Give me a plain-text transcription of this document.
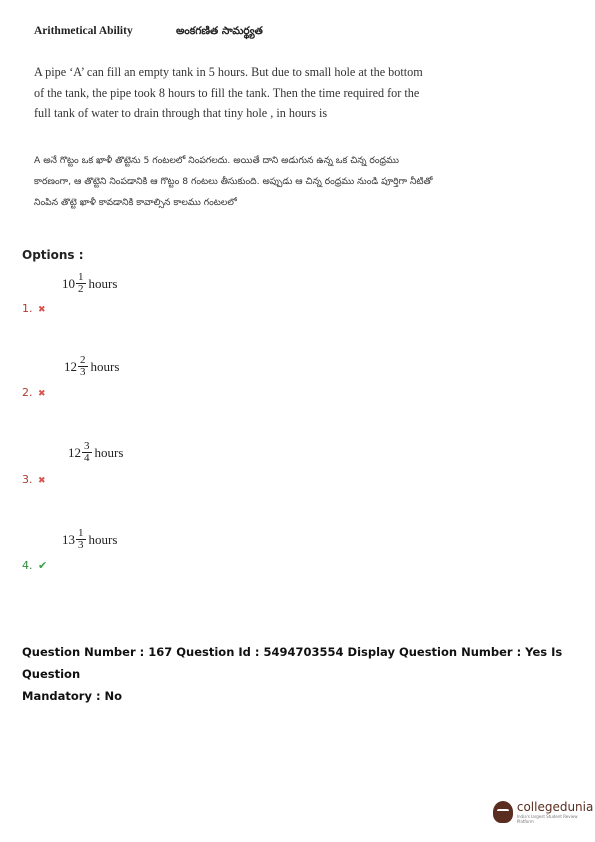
Arithmetical Ability	అంకగణిత సామర్థ్యత
A pipe ‘A’ can fill an empty tank in 5 hours. But due to small hole at the bottom of the tank, the pipe took 8 hours to fill the tank. Then the time required for the full tank of water to drain through that tiny hole , in hours is
A అనే గొట్టం ఒక ఖాళీ తొట్టెను 5 గంటలలో నింపగలదు. అయితే దాని అడుగున ఉన్న ఒక చిన్న రంధ్రము కారణంగా, ఆ తొట్టెని నింపడానికి ఆ గొట్టం 8 గంటలు తీసుకుంది. అప్పుడు ఆ చిన్న రంధ్రము నుండి పూర్తిగా నీటితో నింపిన తొట్టె ఖాళీ కావడానికి కావాల్సిన కాలము గంటలలో
Options :
$10 \frac{1}{2}$ hours
1. ✖
$12 \frac{2}{3}$ hours
2. ✖
$12 \frac{3}{4}$ hours
3. ✖
$13 \frac{1}{3}$ hours
4. ✔
Question Number : 167 Question Id : 5494703554 Display Question Number : Yes Is Question
Mandatory : No
collegedunia
India's largest Student Review Platform
